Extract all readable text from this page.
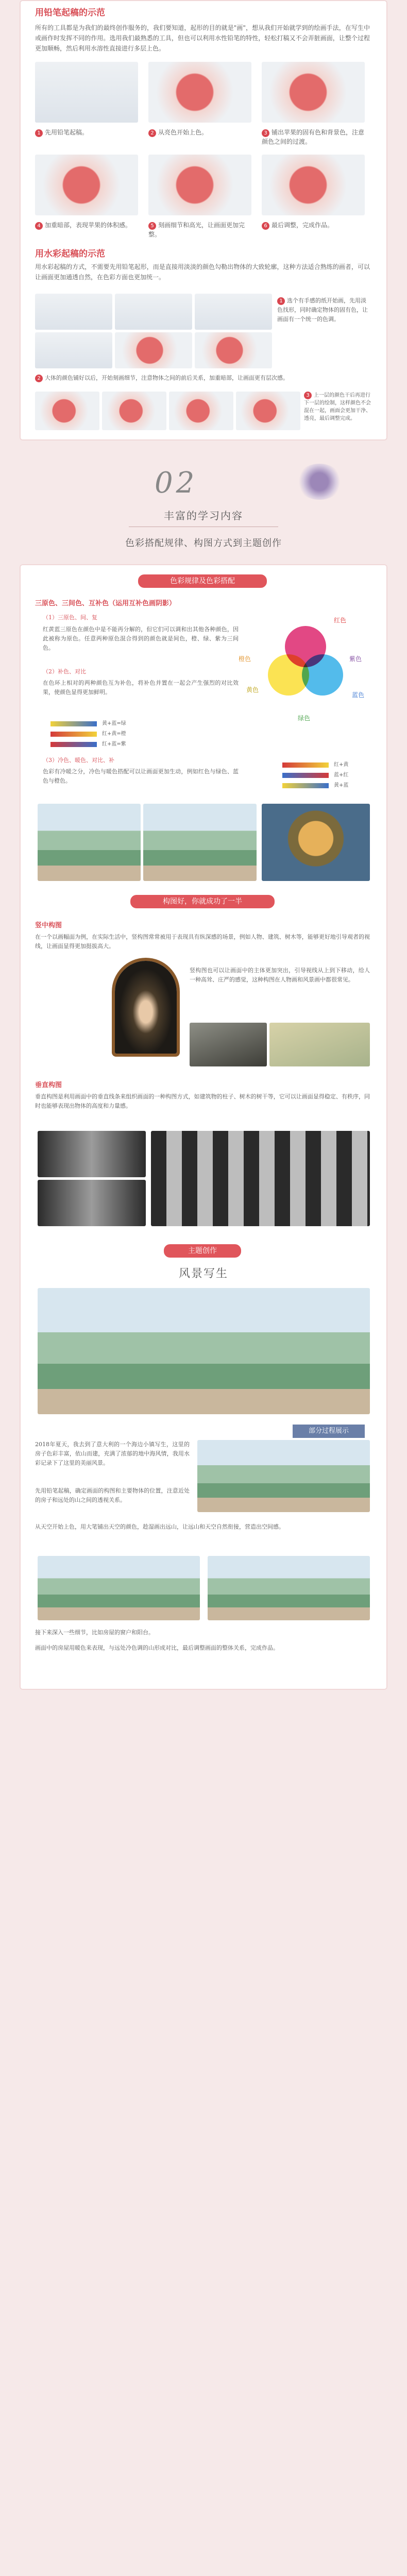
用铅笔起稿的示范
所有的工具都是为我们的最终创作服务的，我们要知道，起形的目的就是"画"，想从我们开始就学到的绘画手法，在写生中或画作时发挥不同的作用。选用我们最熟悉的工具，但也可以利用水性铅笔的特性，轻松打稿又不会弄脏画面，让整个过程更加顺畅，然后利用水溶性直接进行多层上色。
1 先用铅笔起稿。	2 从亮色开始上色。	3 铺出苹果的固有色和背景色，注意颜色之间的过渡。
4 加重暗部，表现苹果的体积感。	5 刻画细节和高光，让画面更加完整。
6 最后调整，完成作品。
用水彩起稿的示范
用水彩起稿的方式，不需要先用铅笔起形，而是直接用淡淡的颜色勾勒出物体的大致轮廓，这种方法适合熟练的画者，可以让画面更加通透自然，在色彩方面也更加统一。
1 选个有手感的纸开始画，先用淡色找形，同时确定物体的固有色，让画面有一个统一的色调。
2 大体的颜色铺好以后，开始刻画细节，注意物体之间的前后关系，加重暗部，让画面更有层次感。
3 上一层的颜色干后再进行下一层的绘制，这样颜色不会混在一起，画面会更加干净、透亮，最后调整完成。
02
丰富的学习内容
色彩搭配规律、构图方式到主题创作
色彩规律及色彩搭配
三原色、三间色、互补色（运用互补色画阴影）
（1）三原色、间、复
红黄蓝三原色在颜色中是不能再分解的，但它们可以调和出其他各种颜色，因此被称为原色。任意两种原色混合得到的颜色就是间色，橙、绿、紫为三间色。
（2）补色、对比
在色环上相对的两种颜色互为补色，将补色并置在一起会产生强烈的对比效果，使颜色显得更加鲜明。
红色
橙色	紫色
黄色
绿色
蓝色
黄+蓝=绿
红+黄=橙
红+蓝=紫
（3）冷色、暖色、对比、补
色彩有冷暖之分，冷色与暖色搭配可以让画面更加生动，例如红色与绿色、蓝色与橙色。
红+黄
蓝+红
黄+蓝
构图好，你就成功了一半
竖中构图
在一个以画幅面为例，在实际生活中，竖构图常常被用于表现具有纵深感的场景，例如人物、建筑、树木等，能够更好地引导观者的视线，让画面显得更加挺拔高大。
竖构图也可以让画面中的主体更加突出，引导视线从上到下移动，给人一种高耸、庄严的感觉，这种构图在人物画和风景画中都很常见。
垂直构图
垂直构图是利用画面中的垂直线条来组织画面的一种构图方式，如建筑物的柱子、树木的树干等，它可以让画面显得稳定、有秩序，同时也能够表现出物体的高度和力量感。
主题创作
风景写生
部分过程展示
2018年夏天，我去到了意大利的一个海边小镇写生，这里的房子色彩丰富，依山而建，充满了浓郁的地中海风情，我用水彩记录下了这里的美丽风景。
先用铅笔起稿，确定画面的构图和主要物体的位置，注意近处的房子和远处的山之间的透视关系。
从天空开始上色，用大笔铺出天空的颜色，趁湿画出远山，让远山和天空自然衔接，营造出空间感。
接下来深入一些细节，比如房屋的窗户和阳台。
画面中的房屋用暖色来表现，与远处冷色调的山形成对比，最后调整画面的整体关系，完成作品。
